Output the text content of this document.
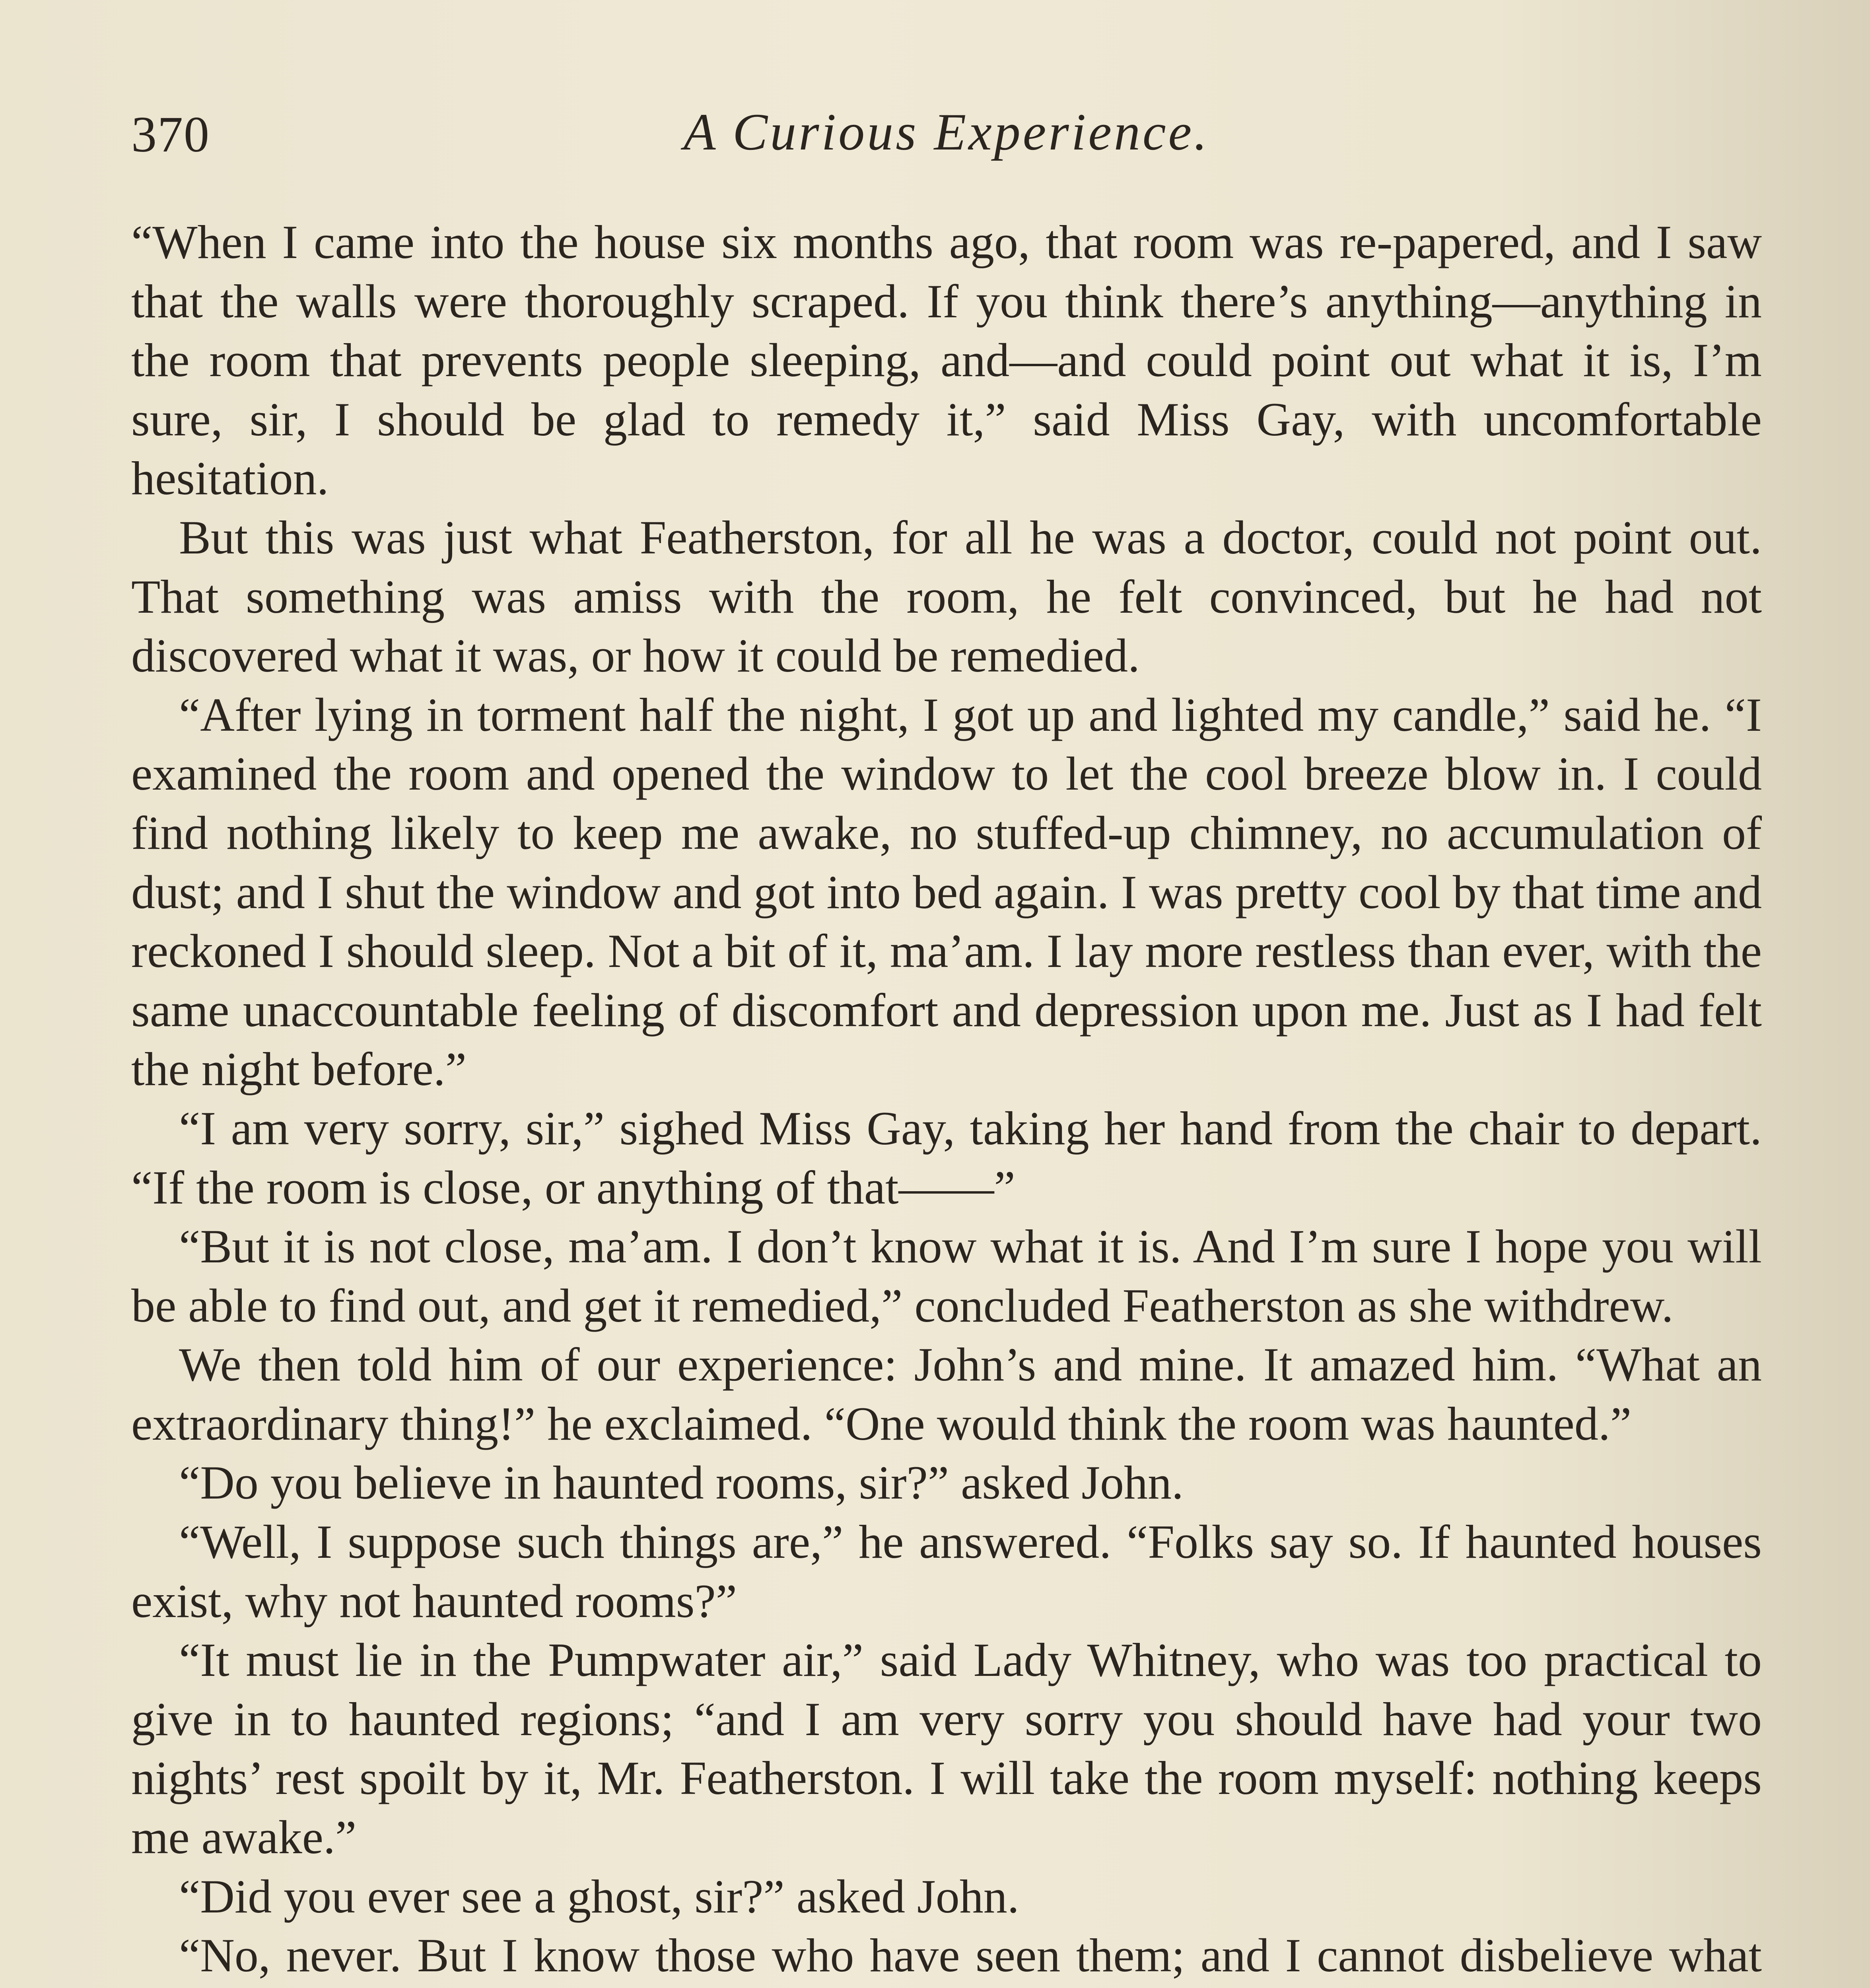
370	A Curious Experience.

“When I came into the house six months ago, that room was re-papered, and I saw that the walls were thoroughly scraped. If you think there’s anything—anything in the room that prevents people sleeping, and—and could point out what it is, I’m sure, sir, I should be glad to remedy it,” said Miss Gay, with uncomfortable hesitation.

But this was just what Featherston, for all he was a doctor, could not point out. That something was amiss with the room, he felt convinced, but he had not discovered what it was, or how it could be remedied.

“After lying in torment half the night, I got up and lighted my candle,” said he. “I examined the room and opened the window to let the cool breeze blow in. I could find nothing likely to keep me awake, no stuffed-up chimney, no accumulation of dust; and I shut the window and got into bed again. I was pretty cool by that time and reckoned I should sleep. Not a bit of it, ma’am. I lay more restless than ever, with the same unaccountable feeling of discomfort and depression upon me. Just as I had felt the night before.”

“I am very sorry, sir,” sighed Miss Gay, taking her hand from the chair to depart. “If the room is close, or anything of that——”

“But it is not close, ma’am. I don’t know what it is. And I’m sure I hope you will be able to find out, and get it remedied,” concluded Featherston as she withdrew.

We then told him of our experience: John’s and mine. It amazed him. “What an extraordinary thing!” he exclaimed. “One would think the room was haunted.”

“Do you believe in haunted rooms, sir?” asked John.

“Well, I suppose such things are,” he answered. “Folks say so. If haunted houses exist, why not haunted rooms?”

“It must lie in the Pumpwater air,” said Lady Whitney, who was too practical to give in to haunted regions; “and I am very sorry you should have had your two nights’ rest spoilt by it, Mr. Featherston. I will take the room myself: nothing keeps me awake.”

“Did you ever see a ghost, sir?” asked John.

“No, never. But I know those who have seen them; and I cannot disbelieve what
